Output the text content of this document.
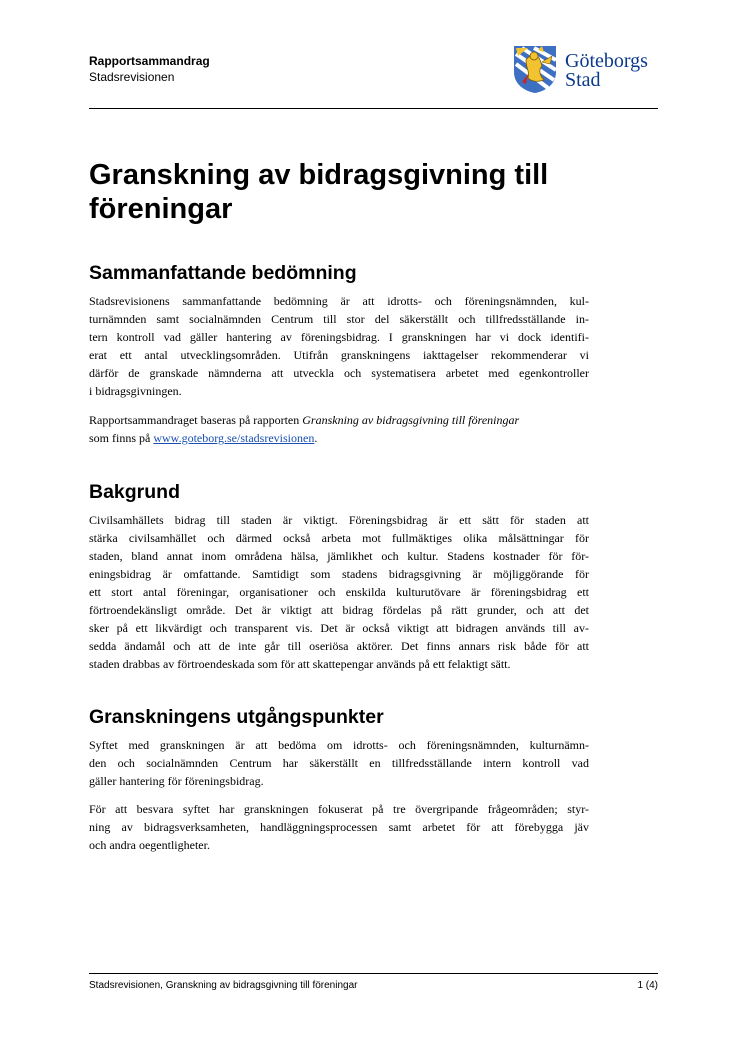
Rapportsammandrag
Stadsrevisionen
Göteborgs
Stad
Granskning av bidragsgivning till föreningar
Sammanfattande bedömning
Stadsrevisionens sammanfattande bedömning är att idrotts- och föreningsnämnden, kul-
turnämnden samt socialnämnden Centrum till stor del säkerställt och tillfredsställande in-
tern kontroll vad gäller hantering av föreningsbidrag. I granskningen har vi dock identifi-
erat ett antal utvecklingsområden. Utifrån granskningens iakttagelser rekommenderar vi
därför de granskade nämnderna att utveckla och systematisera arbetet med egenkontroller
i bidragsgivningen.
Rapportsammandraget baseras på rapporten Granskning av bidragsgivning till föreningar
som finns på www.goteborg.se/stadsrevisionen.
Bakgrund
Civilsamhällets bidrag till staden är viktigt. Föreningsbidrag är ett sätt för staden att
stärka civilsamhället och därmed också arbeta mot fullmäktiges olika målsättningar för
staden, bland annat inom områdena hälsa, jämlikhet och kultur. Stadens kostnader för för-
eningsbidrag är omfattande. Samtidigt som stadens bidragsgivning är möjliggörande för
ett stort antal föreningar, organisationer och enskilda kulturutövare är föreningsbidrag ett
förtroendekänsligt område. Det är viktigt att bidrag fördelas på rätt grunder, och att det
sker på ett likvärdigt och transparent vis. Det är också viktigt att bidragen används till av-
sedda ändamål och att de inte går till oseriösa aktörer. Det finns annars risk både för att
staden drabbas av förtroendeskada som för att skattepengar används på ett felaktigt sätt.
Granskningens utgångspunkter
Syftet med granskningen är att bedöma om idrotts- och föreningsnämnden, kulturnämn-
den och socialnämnden Centrum har säkerställt en tillfredsställande intern kontroll vad
gäller hantering för föreningsbidrag.
För att besvara syftet har granskningen fokuserat på tre övergripande frågeområden; styr-
ning av bidragsverksamheten, handläggningsprocessen samt arbetet för att förebygga jäv
och andra oegentligheter.
Stadsrevisionen, Granskning av bidragsgivning till föreningar	1 (4)
